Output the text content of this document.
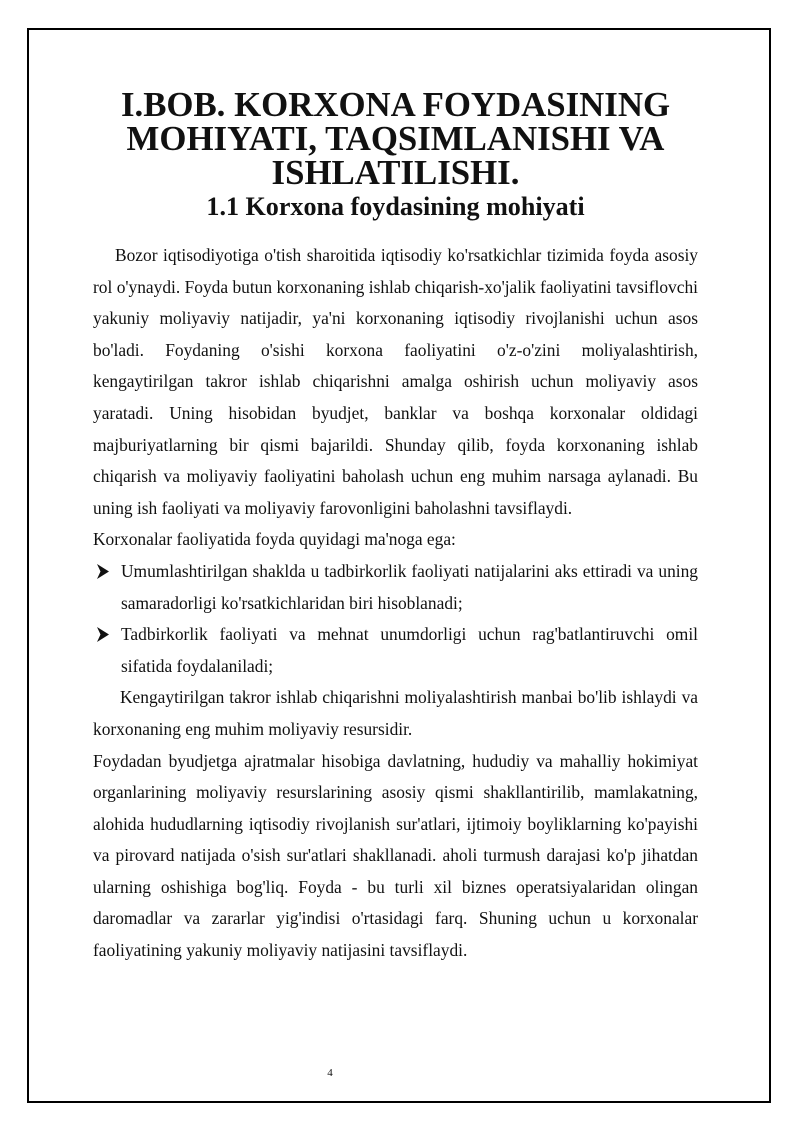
I.BOB. KORXONA FOYDASINING MOHIYATI, TAQSIMLANISHI VA ISHLATILISHI.
1.1 Korxona foydasining mohiyati

Bozor iqtisodiyotiga o'tish sharoitida iqtisodiy ko'rsatkichlar tizimida foyda asosiy rol o'ynaydi. Foyda butun korxonaning ishlab chiqarish-xo'jalik faoliyatini tavsiflovchi yakuniy moliyaviy natijadir, ya'ni korxonaning iqtisodiy rivojlanishi uchun asos bo'ladi. Foydaning o'sishi korxona faoliyatini o'z-o'zini moliyalashtirish, kengaytirilgan takror ishlab chiqarishni amalga oshirish uchun moliyaviy asos yaratadi. Uning hisobidan byudjet, banklar va boshqa korxonalar oldidagi majburiyatlarning bir qismi bajarildi. Shunday qilib, foyda korxonaning ishlab chiqarish va moliyaviy faoliyatini baholash uchun eng muhim narsaga aylanadi. Bu uning ish faoliyati va moliyaviy farovonligini baholashni tavsiflaydi.

Korxonalar faoliyatida foyda quyidagi ma'noga ega:

Umumlashtirilgan shaklda u tadbirkorlik faoliyati natijalarini aks ettiradi va uning samaradorligi ko'rsatkichlaridan biri hisoblanadi;
Tadbirkorlik faoliyati va mehnat unumdorligi uchun rag'batlantiruvchi omil sifatida foydalaniladi;

Kengaytirilgan takror ishlab chiqarishni moliyalashtirish manbai bo'lib ishlaydi va korxonaning eng muhim moliyaviy resursidir.

Foydadan byudjetga ajratmalar hisobiga davlatning, hududiy va mahalliy hokimiyat organlarining moliyaviy resurslarining asosiy qismi shakllantirilib, mamlakatning, alohida hududlarning iqtisodiy rivojlanish sur'atlari, ijtimoiy boyliklarning ko'payishi va pirovard natijada o'sish sur'atlari shakllanadi. aholi turmush darajasi ko'p jihatdan ularning oshishiga bog'liq. Foyda - bu turli xil biznes operatsiyalaridan olingan daromadlar va zararlar yig'indisi o'rtasidagi farq. Shuning uchun u korxonalar faoliyatining yakuniy moliyaviy natijasini tavsiflaydi.

4
